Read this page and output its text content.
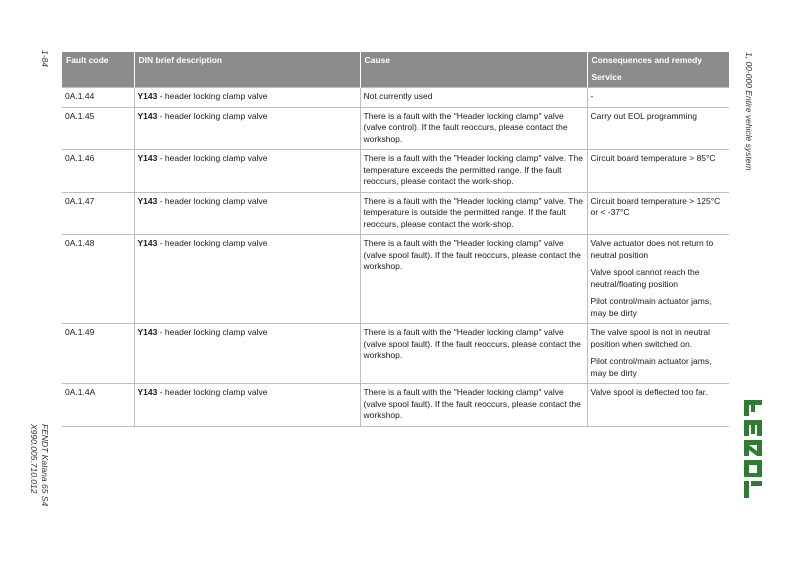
1-84
FENDT Katana 65 S4
X990.005.710.012
1, 00-000 Entire vehicle system
Fault code	DIN brief description	Cause	Consequences and remedy
Service

0A.1.44	Y143 - header locking clamp valve	Not currently used	-

0A.1.45	Y143 - header locking clamp valve	There is a fault with the "Header locking clamp" valve (valve control). If the fault reoccurs, please contact the workshop.	Carry out EOL programming

0A.1.46	Y143 - header locking clamp valve	There is a fault with the "Header locking clamp" valve. The temperature exceeds the permitted range. If the fault reoccurs, please contact the work-shop.	Circuit board temperature > 85°C

0A.1.47	Y143 - header locking clamp valve	There is a fault with the "Header locking clamp" valve. The temperature is outside the permitted range. If the fault reoccurs, please contact the work-shop.	Circuit board temperature > 125°C or < -37°C

0A.1.48	Y143 - header locking clamp valve	There is a fault with the "Header locking clamp" valve (valve spool fault). If the fault reoccurs, please contact the workshop.	Valve actuator does not return to neutral position

Valve spool cannot reach the neutral/floating position

Pilot control/main actuator jams, may be dirty

0A.1.49	Y143 - header locking clamp valve	There is a fault with the "Header locking clamp" valve (valve spool fault). If the fault reoccurs, please contact the workshop.	The valve spool is not in neutral position when switched on.

Pilot control/main actuator jams, may be dirty

0A.1.4A	Y143 - header locking clamp valve	There is a fault with the "Header locking clamp" valve (valve spool fault). If the fault reoccurs, please contact the workshop.	Valve spool is deflected too far.
